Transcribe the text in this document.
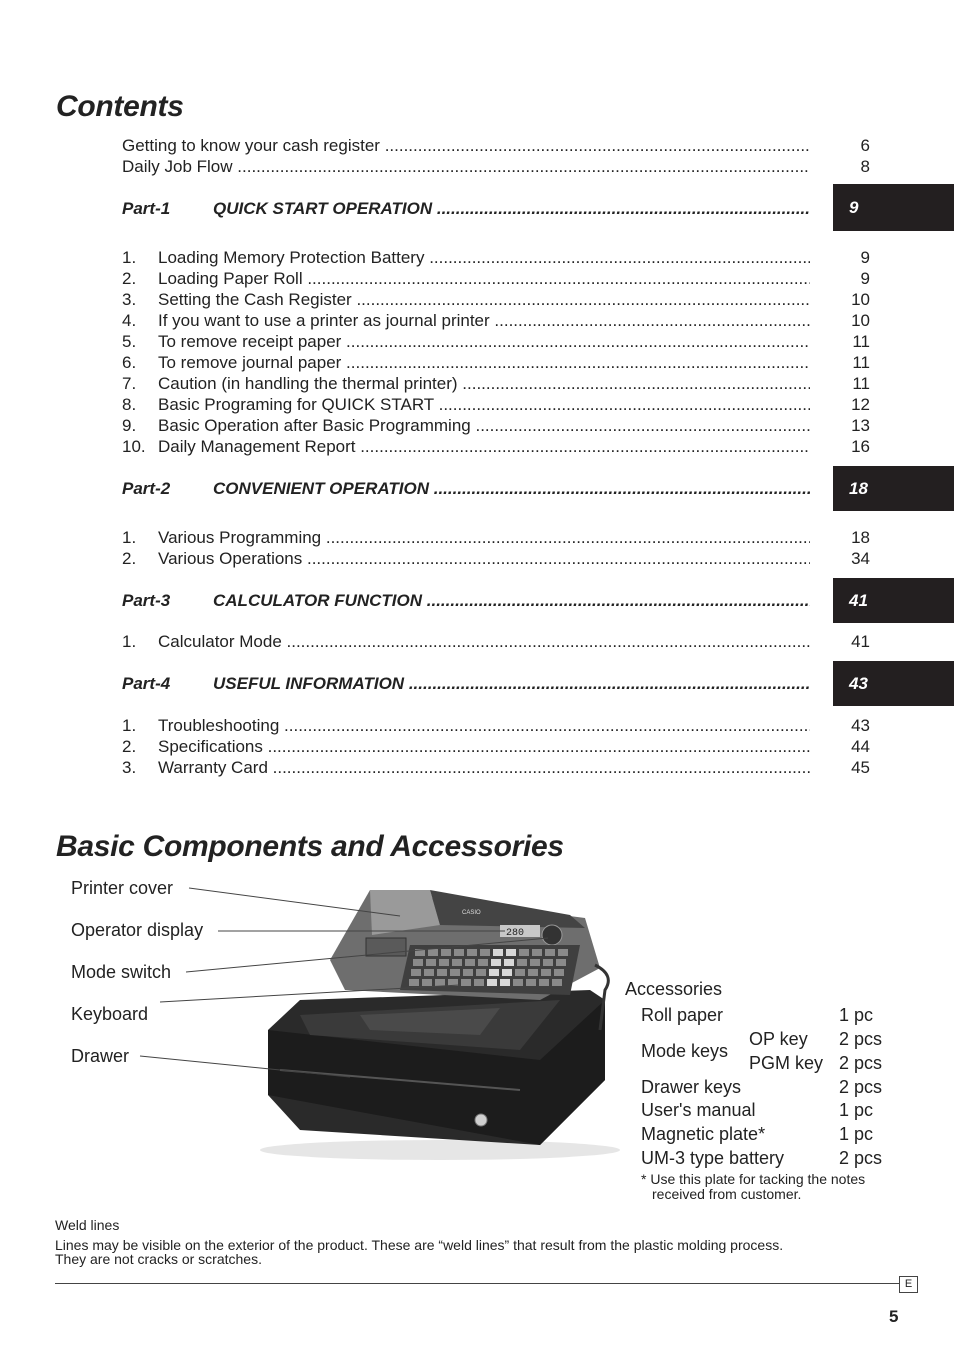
Contents
Getting to know your cash register .....	6
Daily Job Flow .....	8
Part-1	QUICK START OPERATION .....	9
1. Loading Memory Protection Battery .....	9
2. Loading Paper Roll .....	9
3. Setting the Cash Register .....	10
4. If you want to use a printer as journal printer .....	10
5. To remove receipt paper .....	11
6. To remove journal paper .....	11
7. Caution (in handling the thermal printer) .....	11
8. Basic Programing for QUICK START .....	12
9. Basic Operation after Basic Programming .....	13
10. Daily Management Report .....	16
Part-2	CONVENIENT OPERATION .....	18
1. Various Programming .....	18
2. Various Operations .....	34
Part-3	CALCULATOR FUNCTION .....	41
1. Calculator Mode .....	41
Part-4	USEFUL INFORMATION .....	43
1. Troubleshooting .....	43
2. Specifications .....	44
3. Warranty Card .....	45
Basic Components and Accessories
CASIO
280
Printer cover
Operator display
Mode switch
Keyboard
Drawer
Accessories
Roll paper	1 pc
Mode keys
OP key 2 pcs
PGM key 2 pcs
Drawer keys	2 pcs
User's manual	1 pc
Magnetic plate*	1 pc
UM-3 type battery	2 pcs
* Use this plate for tacking the notes
received from customer.
Weld lines
Lines may be visible on the exterior of the product. These are “weld lines” that result from the plastic molding process.
They are not cracks or scratches.
E
5
